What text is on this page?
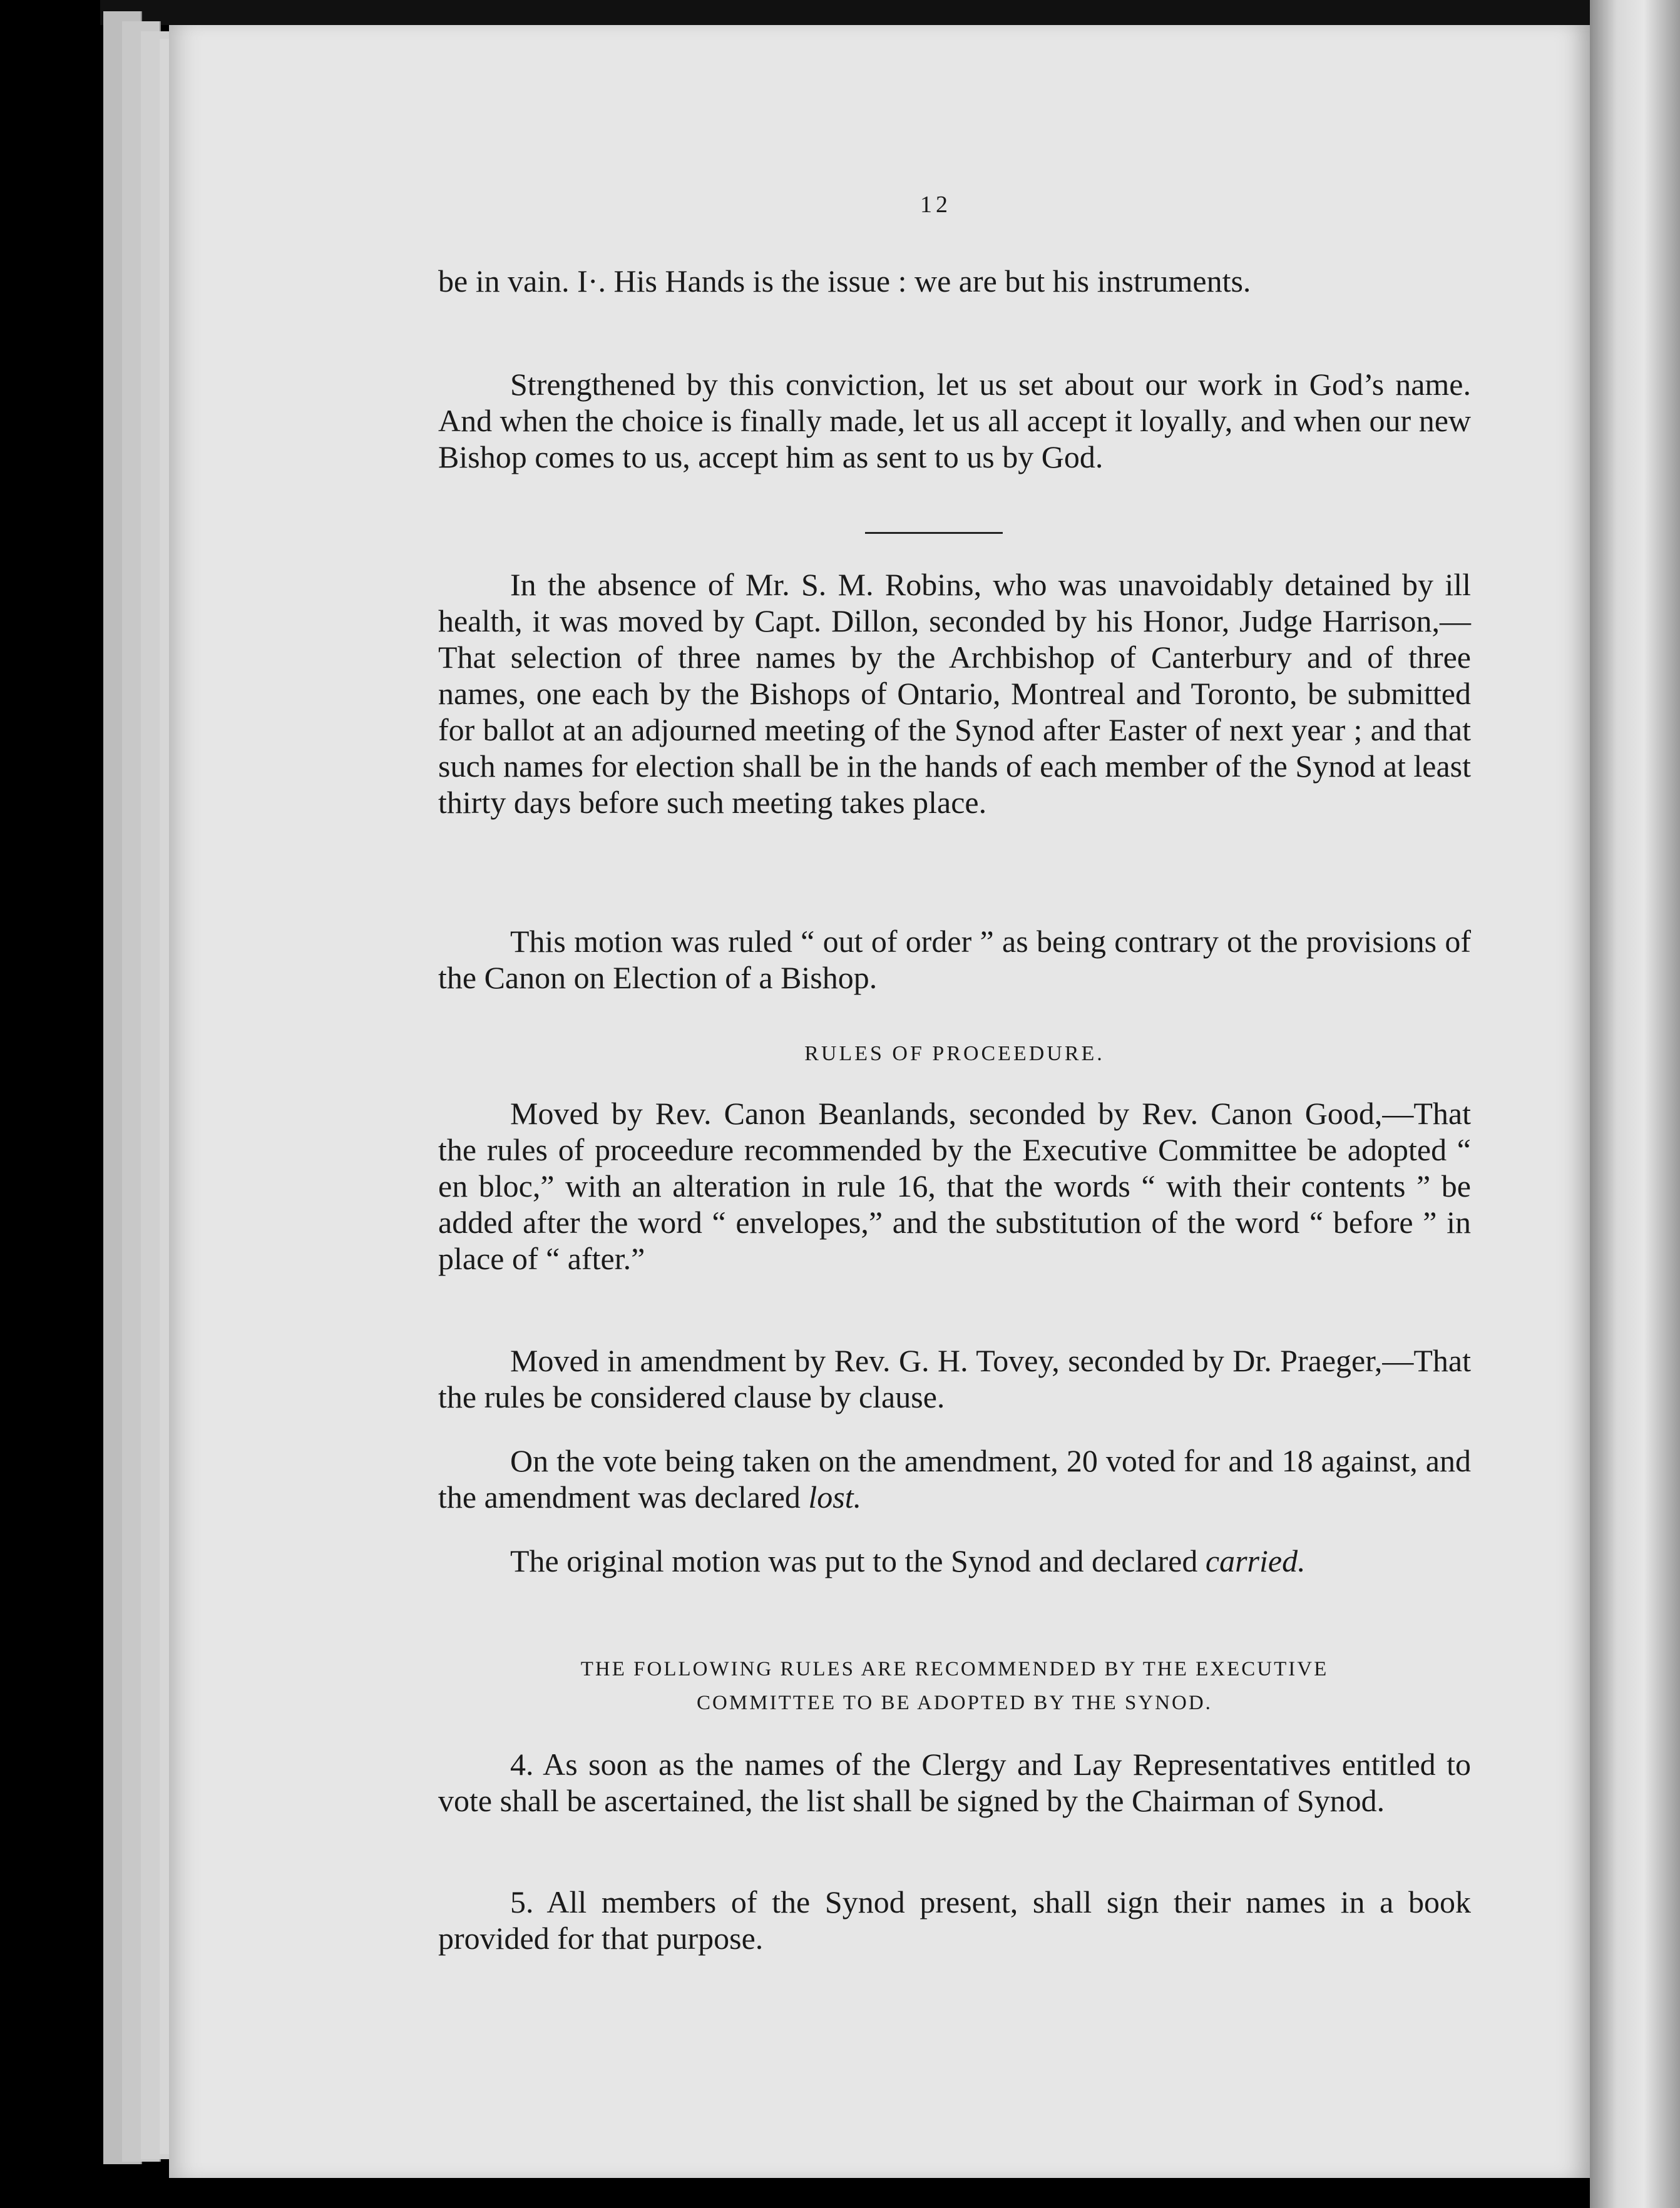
12

be in vain. I·. His Hands is the issue : we are but his instruments.

Strengthened by this conviction, let us set about our work in God’s name. And when the choice is finally made, let us all accept it loyally, and when our new Bishop comes to us, accept him as sent to us by God.

In the absence of Mr. S. M. Robins, who was unavoidably detained by ill health, it was moved by Capt. Dillon, seconded by his Honor, Judge Harrison,—That selection of three names by the Archbishop of Canterbury and of three names, one each by the Bishops of Ontario, Montreal and Toronto, be submitted for ballot at an adjourned meeting of the Synod after Easter of next year ; and that such names for election shall be in the hands of each member of the Synod at least thirty days before such meeting takes place.

This motion was ruled “ out of order ” as being contrary ot the provisions of the Canon on Election of a Bishop.

RULES OF PROCEEDURE.

Moved by Rev. Canon Beanlands, seconded by Rev. Canon Good,—That the rules of proceedure recommended by the Executive Committee be adopted “ en bloc,” with an alteration in rule 16, that the words “ with their contents ” be added after the word “ envelopes,” and the substitution of the word “ before ” in place of “ after.”

Moved in amendment by Rev. G. H. Tovey, seconded by Dr. Praeger,—That the rules be considered clause by clause.

On the vote being taken on the amendment, 20 voted for and 18 against, and the amendment was declared lost.

The original motion was put to the Synod and declared carried.

THE FOLLOWING RULES ARE RECOMMENDED BY THE EXECUTIVE
COMMITTEE TO BE ADOPTED BY THE SYNOD.

4. As soon as the names of the Clergy and Lay Representatives entitled to vote shall be ascertained, the list shall be signed by the Chairman of Synod.

5. All members of the Synod present, shall sign their names in a book provided for that purpose.
